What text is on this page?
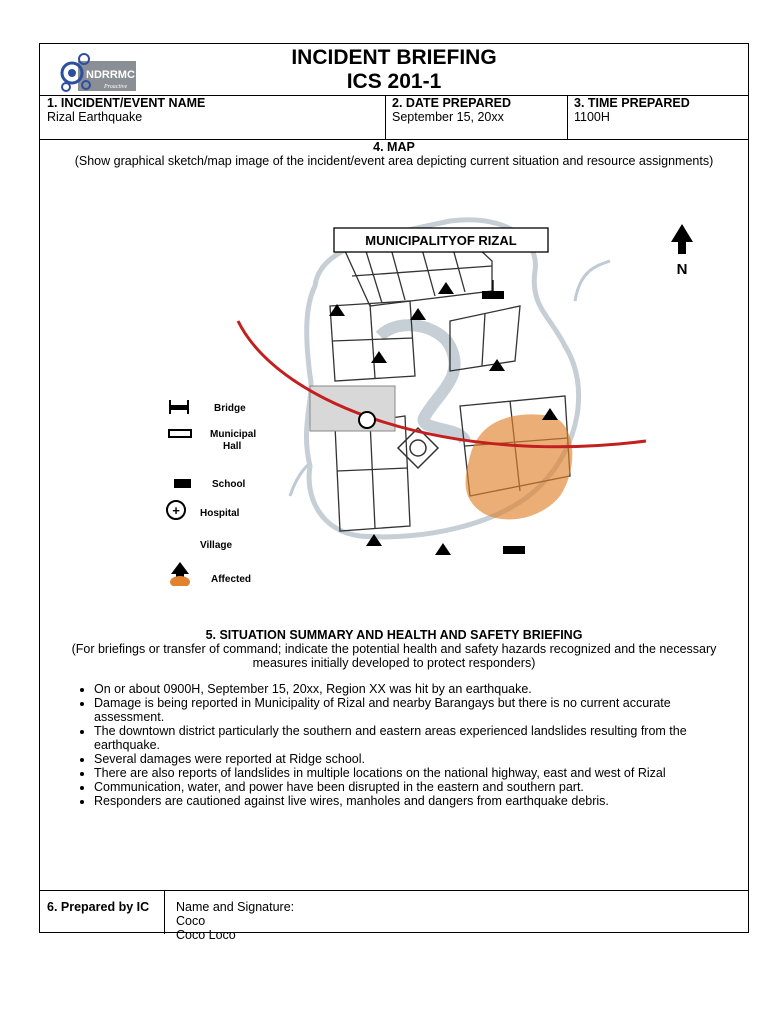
NDRRMC
Proactive
INCIDENT BRIEFING
ICS 201-1
1. INCIDENT/EVENT NAME
Rizal Earthquake
2. DATE PREPARED
September 15, 20xx
3. TIME PREPARED
1100H
4. MAP
(Show graphical sketch/map image of the incident/event area depicting current situation and resource assignments)
MUNICIPALITYOF RIZAL
N
+
Bridge
Municipal
Hall
School
Hospital
Village
Affected
5. SITUATION SUMMARY AND HEALTH AND SAFETY BRIEFING
(For briefings or transfer of command; indicate the potential health and safety hazards recognized and the necessary measures initially developed to protect responders)
• On or about 0900H, September 15, 20xx, Region XX was hit by an earthquake.
• Damage is being reported in Municipality of Rizal and nearby Barangays but there is no current accurate assessment.
• The downtown district particularly the southern and eastern areas experienced landslides resulting from the earthquake.
• Several damages were reported at Ridge school.
• There are also reports of landslides in multiple locations on the national highway, east and west of Rizal
• Communication, water, and power have been disrupted in the eastern and southern part.
• Responders are cautioned against live wires, manholes and dangers from earthquake debris.
6. Prepared by IC Name and Signature:
Coco
Coco Loco
